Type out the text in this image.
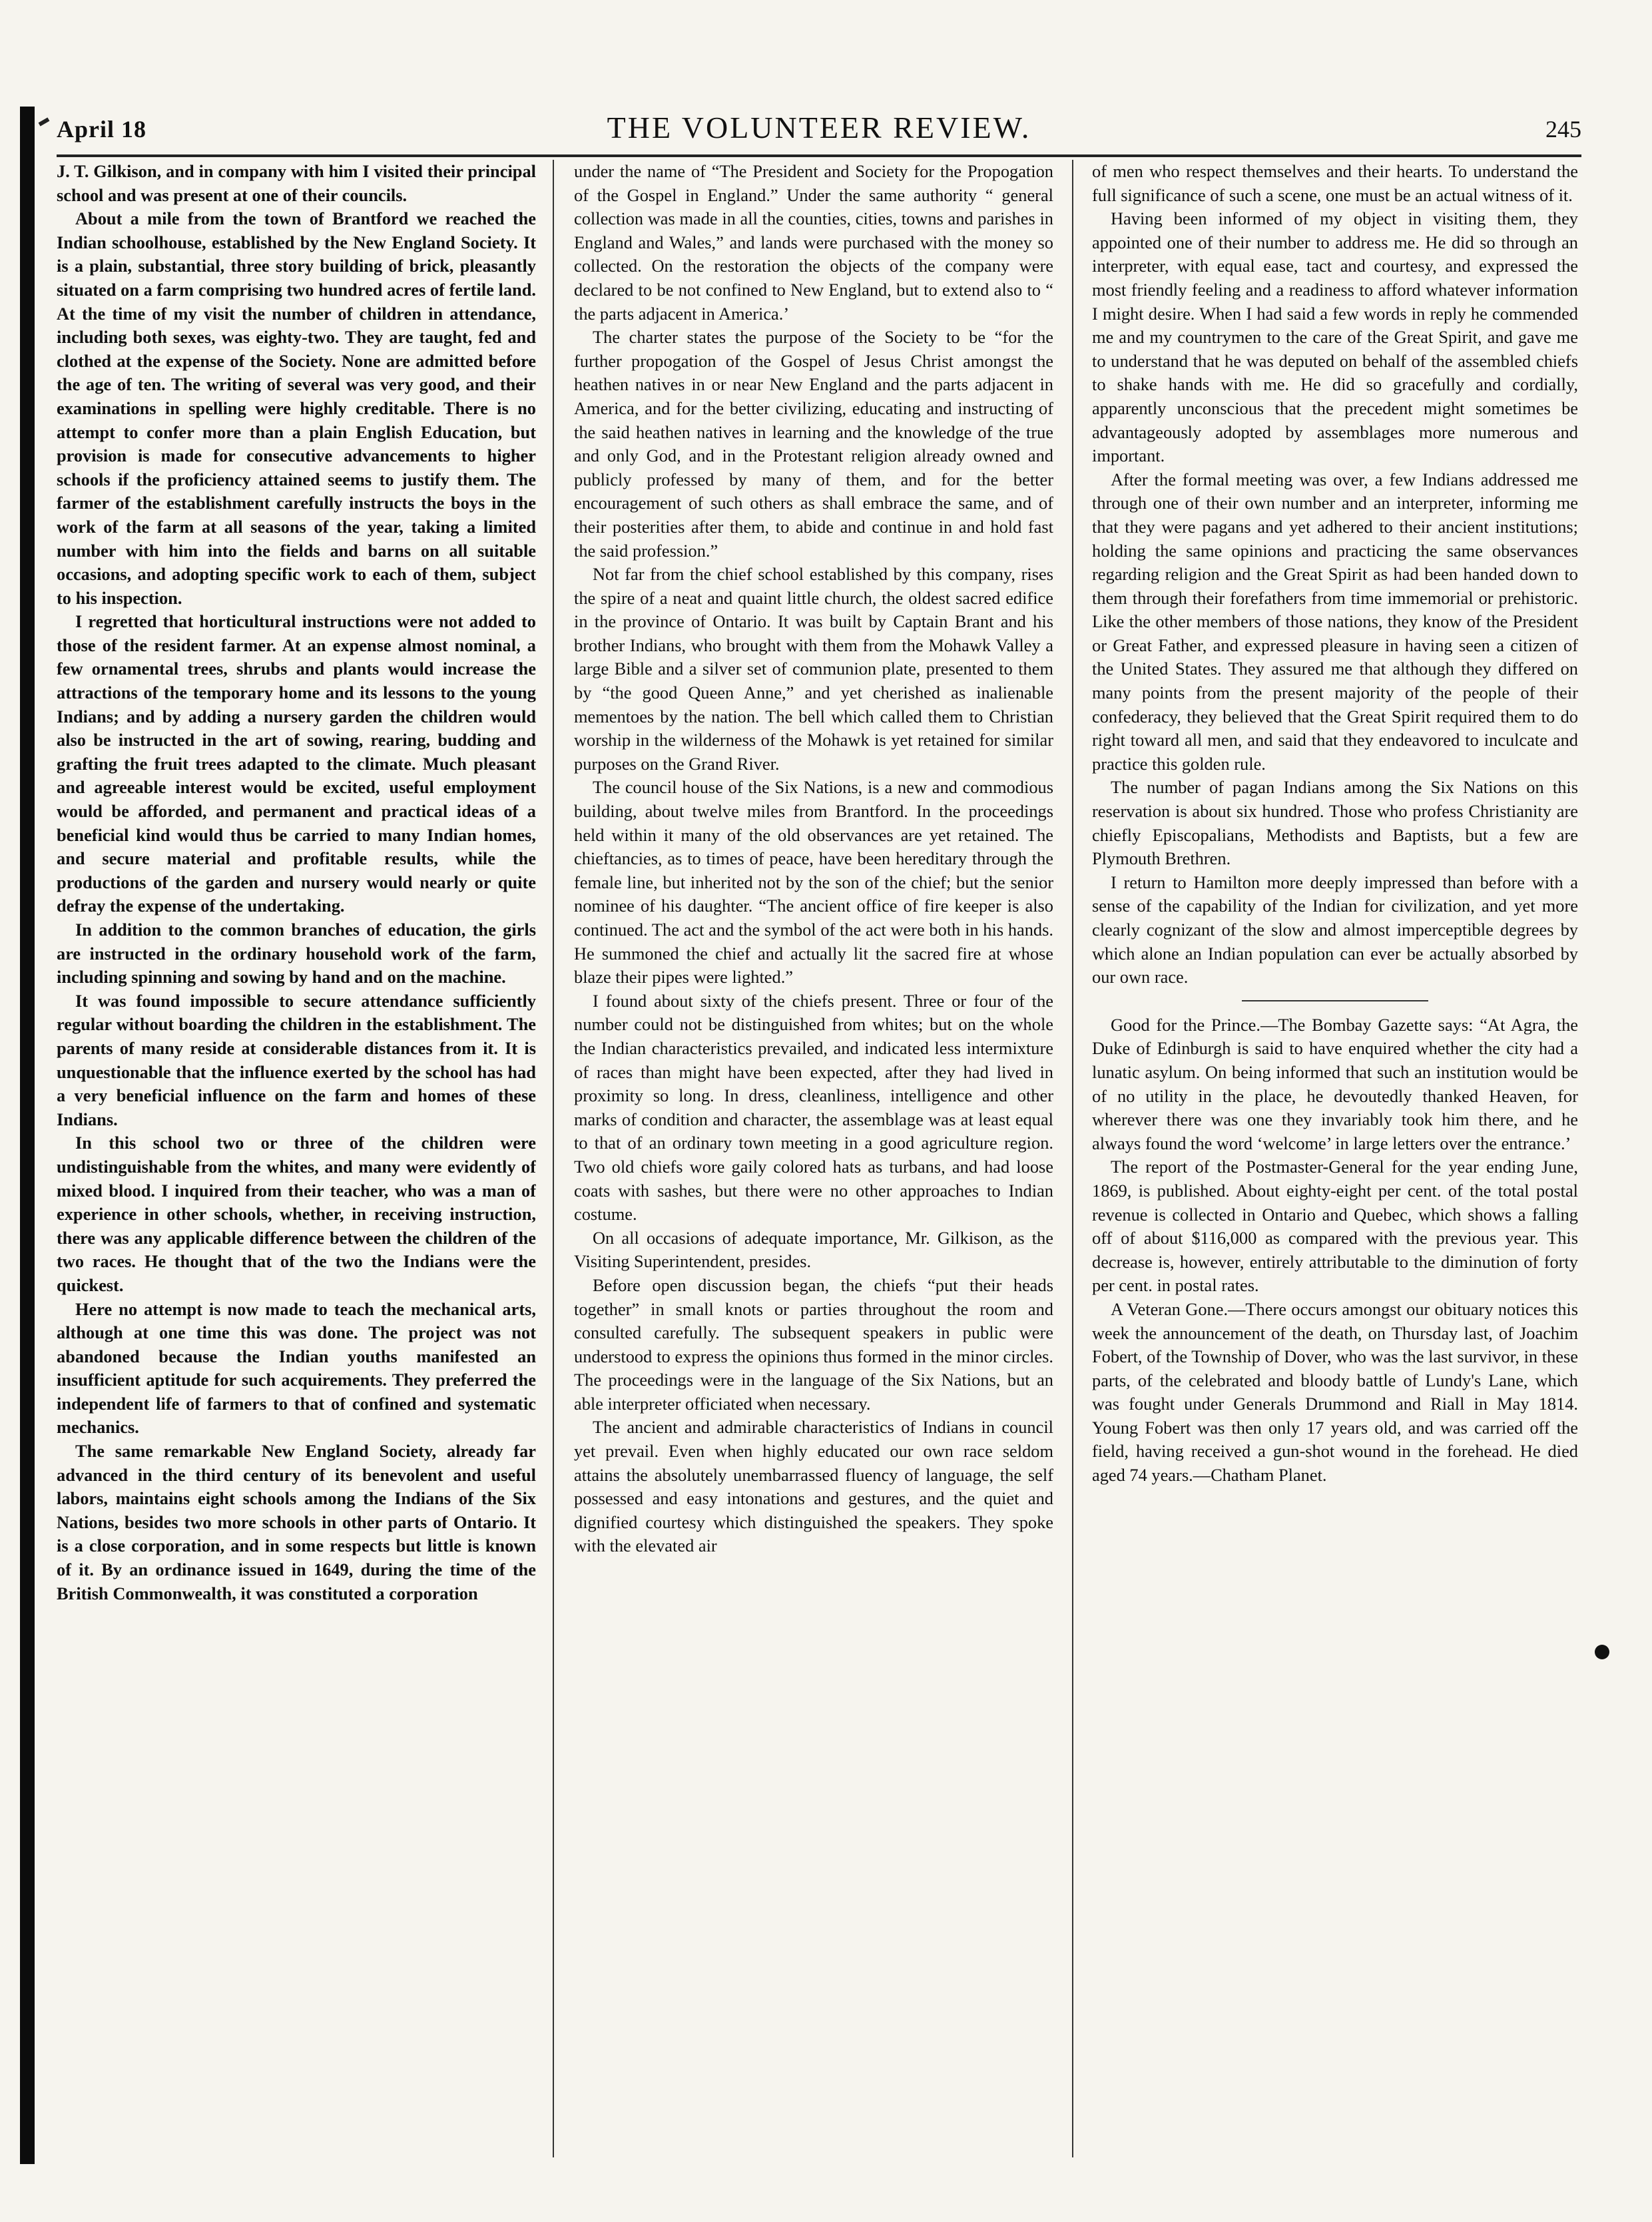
April 18	THE VOLUNTEER REVIEW.	245

J. T. Gilkison, and in company with him I visited their principal school and was present at one of their councils.

About a mile from the town of Brantford we reached the Indian schoolhouse, established by the New England Society. It is a plain, substantial, three story building of brick, pleasantly situated on a farm comprising two hundred acres of fertile land. At the time of my visit the number of children in attendance, including both sexes, was eighty-two. They are taught, fed and clothed at the expense of the Society. None are admitted before the age of ten. The writing of several was very good, and their examinations in spelling were highly creditable. There is no attempt to confer more than a plain English Education, but provision is made for consecutive advancements to higher schools if the proficiency attained seems to justify them. The farmer of the establishment carefully instructs the boys in the work of the farm at all seasons of the year, taking a limited number with him into the fields and barns on all suitable occasions, and adopting specific work to each of them, subject to his inspection.

I regretted that horticultural instructions were not added to those of the resident farmer. At an expense almost nominal, a few ornamental trees, shrubs and plants would increase the attractions of the temporary home and its lessons to the young Indians; and by adding a nursery garden the children would also be instructed in the art of sowing, rearing, budding and grafting the fruit trees adapted to the climate. Much pleasant and agreeable interest would be excited, useful employment would be afforded, and permanent and practical ideas of a beneficial kind would thus be carried to many Indian homes, and secure material and profitable results, while the productions of the garden and nursery would nearly or quite defray the expense of the undertaking.

In addition to the common branches of education, the girls are instructed in the ordinary household work of the farm, including spinning and sowing by hand and on the machine.

It was found impossible to secure attendance sufficiently regular without boarding the children in the establishment. The parents of many reside at considerable distances from it. It is unquestionable that the influence exerted by the school has had a very beneficial influence on the farm and homes of these Indians.

In this school two or three of the children were undistinguishable from the whites, and many were evidently of mixed blood. I inquired from their teacher, who was a man of experience in other schools, whether, in receiving instruction, there was any applicable difference between the children of the two races. He thought that of the two the Indians were the quickest.

Here no attempt is now made to teach the mechanical arts, although at one time this was done. The project was not abandoned because the Indian youths manifested an insufficient aptitude for such acquirements. They preferred the independent life of farmers to that of confined and systematic mechanics.

The same remarkable New England Society, already far advanced in the third century of its benevolent and useful labors, maintains eight schools among the Indians of the Six Nations, besides two more schools in other parts of Ontario. It is a close corporation, and in some respects but little is known of it. By an ordinance issued in 1649, during the time of the British Commonwealth, it was constituted a corporation

under the name of “The President and Society for the Propogation of the Gospel in England.” Under the same authority “ general collection was made in all the counties, cities, towns and parishes in England and Wales,” and lands were purchased with the money so collected. On the restoration the objects of the company were declared to be not confined to New England, but to extend also to “ the parts adjacent in America.’

The charter states the purpose of the Society to be “for the further propogation of the Gospel of Jesus Christ amongst the heathen natives in or near New England and the parts adjacent in America, and for the better civilizing, educating and instructing of the said heathen natives in learning and the knowledge of the true and only God, and in the Protestant religion already owned and publicly professed by many of them, and for the better encouragement of such others as shall embrace the same, and of their posterities after them, to abide and continue in and hold fast the said profession.”

Not far from the chief school established by this company, rises the spire of a neat and quaint little church, the oldest sacred edifice in the province of Ontario. It was built by Captain Brant and his brother Indians, who brought with them from the Mohawk Valley a large Bible and a silver set of communion plate, presented to them by “the good Queen Anne,” and yet cherished as inalienable mementoes by the nation. The bell which called them to Christian worship in the wilderness of the Mohawk is yet retained for similar purposes on the Grand River.

The council house of the Six Nations, is a new and commodious building, about twelve miles from Brantford. In the proceedings held within it many of the old observances are yet retained. The chieftancies, as to times of peace, have been hereditary through the female line, but inherited not by the son of the chief; but the senior nominee of his daughter. “The ancient office of fire keeper is also continued. The act and the symbol of the act were both in his hands. He summoned the chief and actually lit the sacred fire at whose blaze their pipes were lighted.”

I found about sixty of the chiefs present. Three or four of the number could not be distinguished from whites; but on the whole the Indian characteristics prevailed, and indicated less intermixture of races than might have been expected, after they had lived in proximity so long. In dress, cleanliness, intelligence and other marks of condition and character, the assemblage was at least equal to that of an ordinary town meeting in a good agriculture region. Two old chiefs wore gaily colored hats as turbans, and had loose coats with sashes, but there were no other approaches to Indian costume.

On all occasions of adequate importance, Mr. Gilkison, as the Visiting Superintendent, presides.

Before open discussion began, the chiefs “put their heads together” in small knots or parties throughout the room and consulted carefully. The subsequent speakers in public were understood to express the opinions thus formed in the minor circles. The proceedings were in the language of the Six Nations, but an able interpreter officiated when necessary.

The ancient and admirable characteristics of Indians in council yet prevail. Even when highly educated our own race seldom attains the absolutely unembarrassed fluency of language, the self possessed and easy intonations and gestures, and the quiet and dignified courtesy which distinguished the speakers. They spoke with the elevated air

of men who respect themselves and their hearts. To understand the full significance of such a scene, one must be an actual witness of it.

Having been informed of my object in visiting them, they appointed one of their number to address me. He did so through an interpreter, with equal ease, tact and courtesy, and expressed the most friendly feeling and a readiness to afford whatever information I might desire. When I had said a few words in reply he commended me and my countrymen to the care of the Great Spirit, and gave me to understand that he was deputed on behalf of the assembled chiefs to shake hands with me. He did so gracefully and cordially, apparently unconscious that the precedent might sometimes be advantageously adopted by assemblages more numerous and important.

After the formal meeting was over, a few Indians addressed me through one of their own number and an interpreter, informing me that they were pagans and yet adhered to their ancient institutions; holding the same opinions and practicing the same observances regarding religion and the Great Spirit as had been handed down to them through their forefathers from time immemorial or prehistoric. Like the other members of those nations, they know of the President or Great Father, and expressed pleasure in having seen a citizen of the United States. They assured me that although they differed on many points from the present majority of the people of their confederacy, they believed that the Great Spirit required them to do right toward all men, and said that they endeavored to inculcate and practice this golden rule.

The number of pagan Indians among the Six Nations on this reservation is about six hundred. Those who profess Christianity are chiefly Episcopalians, Methodists and Baptists, but a few are Plymouth Brethren.

I return to Hamilton more deeply impressed than before with a sense of the capability of the Indian for civilization, and yet more clearly cognizant of the slow and almost imperceptible degrees by which alone an Indian population can ever be actually absorbed by our own race.

Good for the Prince.—The Bombay Gazette says: “At Agra, the Duke of Edinburgh is said to have enquired whether the city had a lunatic asylum. On being informed that such an institution would be of no utility in the place, he devoutedly thanked Heaven, for wherever there was one they invariably took him there, and he always found the word ‘welcome’ in large letters over the entrance.’

The report of the Postmaster-General for the year ending June, 1869, is published. About eighty-eight per cent. of the total postal revenue is collected in Ontario and Quebec, which shows a falling off of about $116,000 as compared with the previous year. This decrease is, however, entirely attributable to the diminution of forty per cent. in postal rates.

A Veteran Gone.—There occurs amongst our obituary notices this week the announcement of the death, on Thursday last, of Joachim Fobert, of the Township of Dover, who was the last survivor, in these parts, of the celebrated and bloody battle of Lundy's Lane, which was fought under Generals Drummond and Riall in May 1814. Young Fobert was then only 17 years old, and was carried off the field, having received a gun-shot wound in the forehead. He died aged 74 years.—Chatham Planet.
